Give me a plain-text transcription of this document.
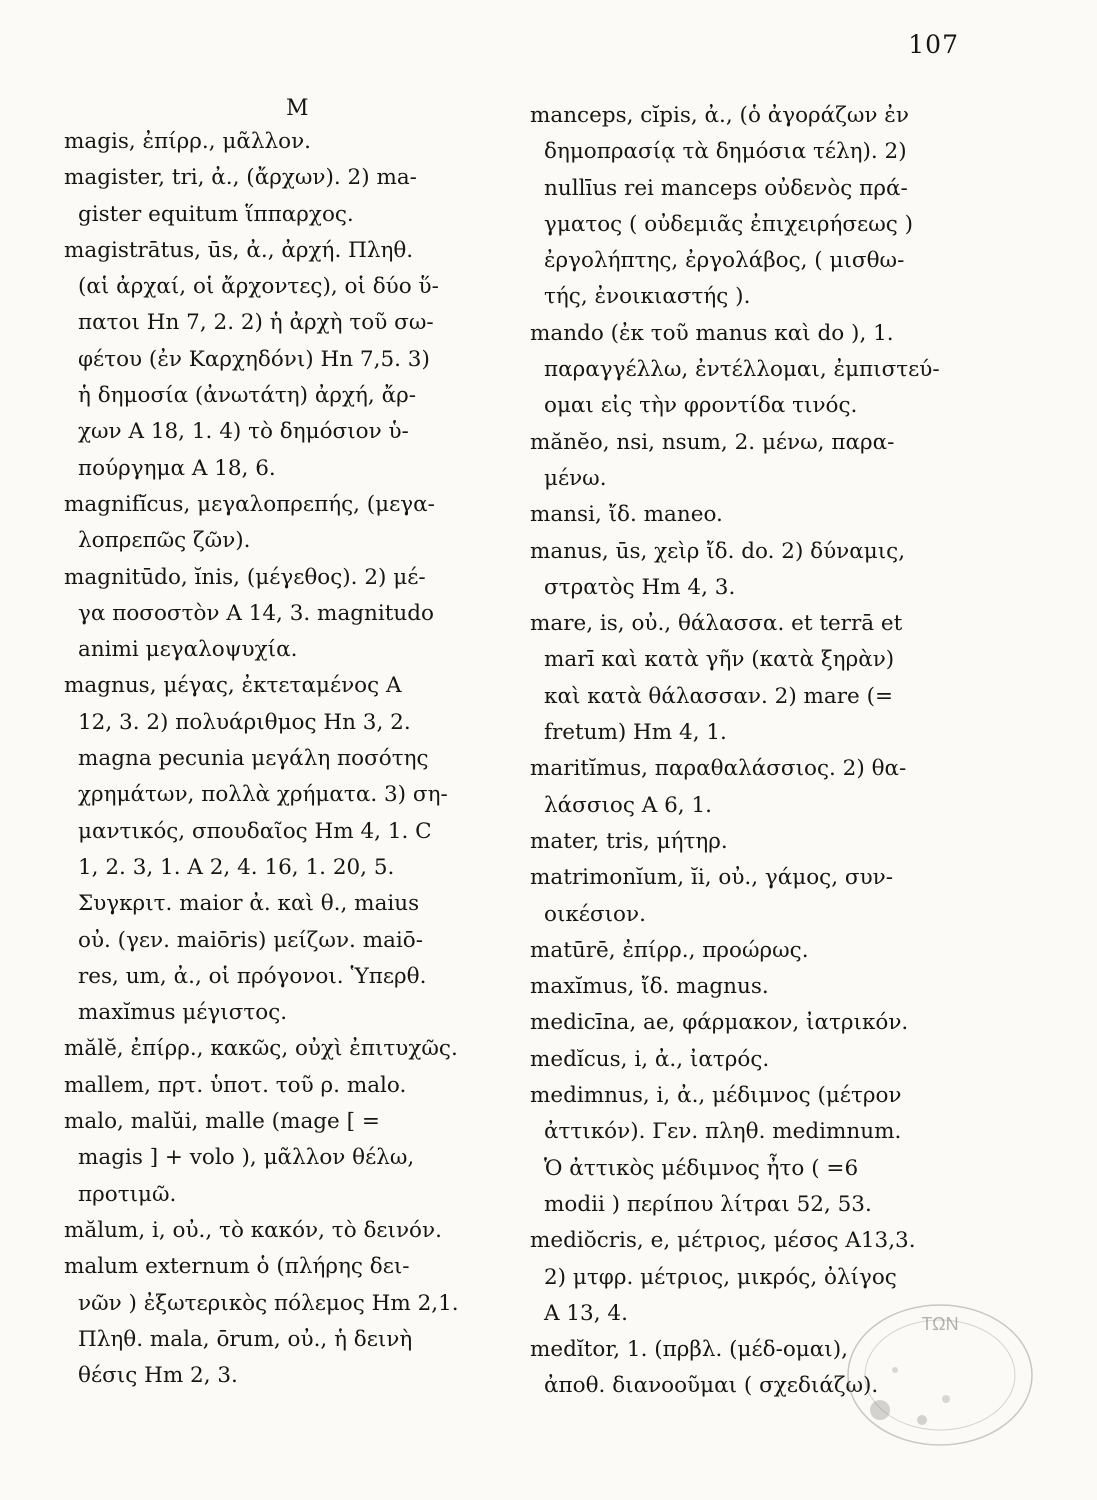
107
M
magis, ἐπίρρ., μᾶλλον.
magister, tri, ἀ., (ἄρχων). 2) ma-
gister equitum ἵππαρχος.
magistrātus, ūs, ἀ., ἀρχή. Πληθ.
(αἱ ἀρχαί, οἱ ἄρχοντες), οἱ δύο ὕ-
πατοι Hn 7, 2. 2) ἡ ἀρχὴ τοῦ σω-
φέτου (ἐν Καρχηδόνι) Hn 7,5. 3)
ἡ δημοσία (ἀνωτάτη) ἀρχή, ἄρ-
χων A 18, 1. 4) τὸ δημόσιον ὑ-
πούργημα A 18, 6.
magnifĭcus, μεγαλοπρεπής, (μεγα-
λοπρεπῶς ζῶν).
magnitūdo, ĭnis, (μέγεθος). 2) μέ-
γα ποσοστὸν A 14, 3. magnitudo
animi μεγαλοψυχία.
magnus, μέγας, ἐκτεταμένος A
12, 3. 2) πολυάριθμος Hn 3, 2.
magna pecunia μεγάλη ποσότης
χρημάτων, πολλὰ χρήματα. 3) ση-
μαντικός, σπουδαῖος Hm 4, 1. C
1, 2. 3, 1. A 2, 4. 16, 1. 20, 5.
Συγκριτ. maior ἀ. καὶ θ., maius
οὐ. (γεν. maiōris) μείζων. maiō-
res, um, ἀ., οἱ πρόγονοι. Ὑπερθ.
maxĭmus μέγιστος.
mălĕ, ἐπίρρ., κακῶς, οὐχὶ ἐπιτυχῶς.
mallem, πρτ. ὑποτ. τοῦ ρ. malo.
malo, malŭi, malle (mage [ =
magis ] + volo ), μᾶλλον θέλω,
προτιμῶ.
mălum, i, οὐ., τὸ κακόν, τὸ δεινόν.
malum externum ὁ (πλήρης δει-
νῶν ) ἐξωτερικὸς πόλεμος Hm 2,1.
Πληθ. mala, ōrum, οὐ., ἡ δεινὴ
θέσις Hm 2, 3.
manceps, cĭpis, ἀ., (ὁ ἀγοράζων ἐν
δημοπρασίᾳ τὰ δημόσια τέλη). 2)
nullīus rei manceps οὐδενὸς πρά-
γματος ( οὐδεμιᾶς ἐπιχειρήσεως )
ἐργολήπτης, ἐργολάβος, ( μισθω-
τής, ἐνοικιαστής ).
mando (ἐκ τοῦ manus καὶ do ), 1.
παραγγέλλω, ἐντέλλομαι, ἐμπιστεύ-
ομαι εἰς τὴν φροντίδα τινός.
mănĕo, nsi, nsum, 2. μένω, παρα-
μένω.
mansi, ἴδ. maneo.
manus, ūs, χεὶρ ἴδ. do. 2) δύναμις,
στρατὸς Hm 4, 3.
mare, is, οὐ., θάλασσα. et terrā et
marī καὶ κατὰ γῆν (κατὰ ξηρὰν)
καὶ κατὰ θάλασσαν. 2) mare (=
fretum) Hm 4, 1.
maritĭmus, παραθαλάσσιος. 2) θα-
λάσσιος A 6, 1.
mater, tris, μήτηρ.
matrimonĭum, ĭi, οὐ., γάμος, συν-
οικέσιον.
matūrē, ἐπίρρ., προώρως.
maxĭmus, ἴδ. magnus.
medicīna, ae, φάρμακον, ἰατρικόν.
medĭcus, i, ἀ., ἰατρός.
medimnus, i, ἀ., μέδιμνος (μέτρον
ἀττικόν). Γεν. πληθ. medimnum.
Ὁ ἀττικὸς μέδιμνος ἦτο ( =6
modii ) περίπου λίτραι 52, 53.
mediŏcris, e, μέτριος, μέσος A13,3.
2) μτφρ. μέτριος, μικρός, ὀλίγος
A 13, 4.
medĭtor, 1. (πρβλ. (μέδ-ομαι),
ἀποθ. διανοοῦμαι ( σχεδιάζω).
ΤΩΝ
